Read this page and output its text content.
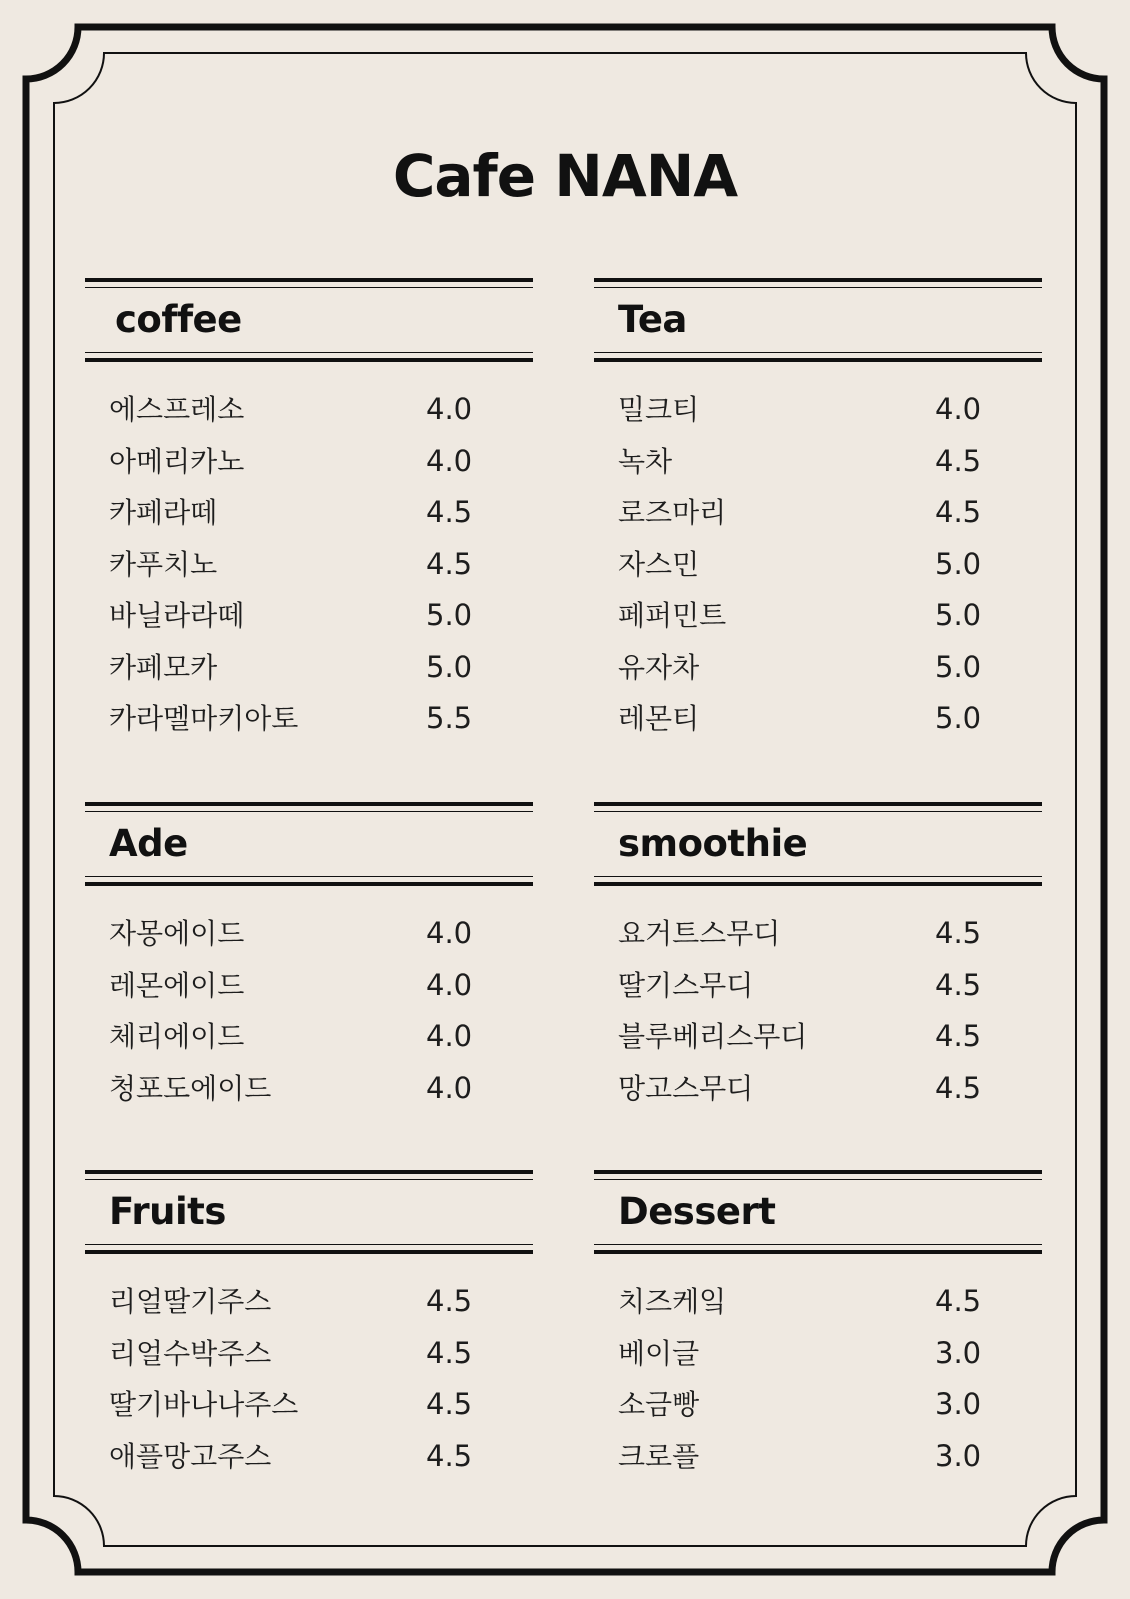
Cafe NANA
coffee
에스프레소	4.0
아메리카노	4.0
카페라떼	4.5
카푸치노	4.5
바닐라라떼	5.0
카페모카	5.0
카라멜마키아토	5.5
Tea
밀크티	4.0
녹차	4.5
로즈마리	4.5
자스민	5.0
페퍼민트	5.0
유자차	5.0
레몬티	5.0
Ade
자몽에이드	4.0
레몬에이드	4.0
체리에이드	4.0
청포도에이드	4.0
smoothie
요거트스무디	4.5
딸기스무디	4.5
블루베리스무디	4.5
망고스무디	4.5
Fruits
리얼딸기주스	4.5
리얼수박주스	4.5
딸기바나나주스	4.5
애플망고주스	4.5
Dessert
치즈케잌	4.5
베이글	3.0
소금빵	3.0
크로플	3.0
